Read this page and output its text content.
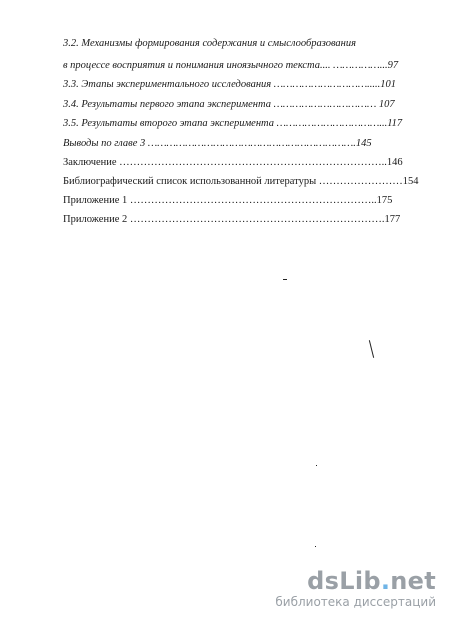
3.2. Механизмы формирования содержания и смыслообразования
в процессе восприятия и понимания иноязычного текста.... ……………...97
3.3. Этапы экспериментального исследования ………………………….....101
3.4. Результаты первого этапа эксперимента …………………………… 107
3.5. Результаты второго этапа эксперимента ……………………………...117
Выводы по главе 3 ………………………………………………………….145
Заключение …………………………………………………………………..146
Библиографический список использованной литературы ……………………154
Приложение 1 ……………………………………………………………..175
Приложение 2 ……………………………………………………………….177
dsLib.net
библиотека диссертаций
